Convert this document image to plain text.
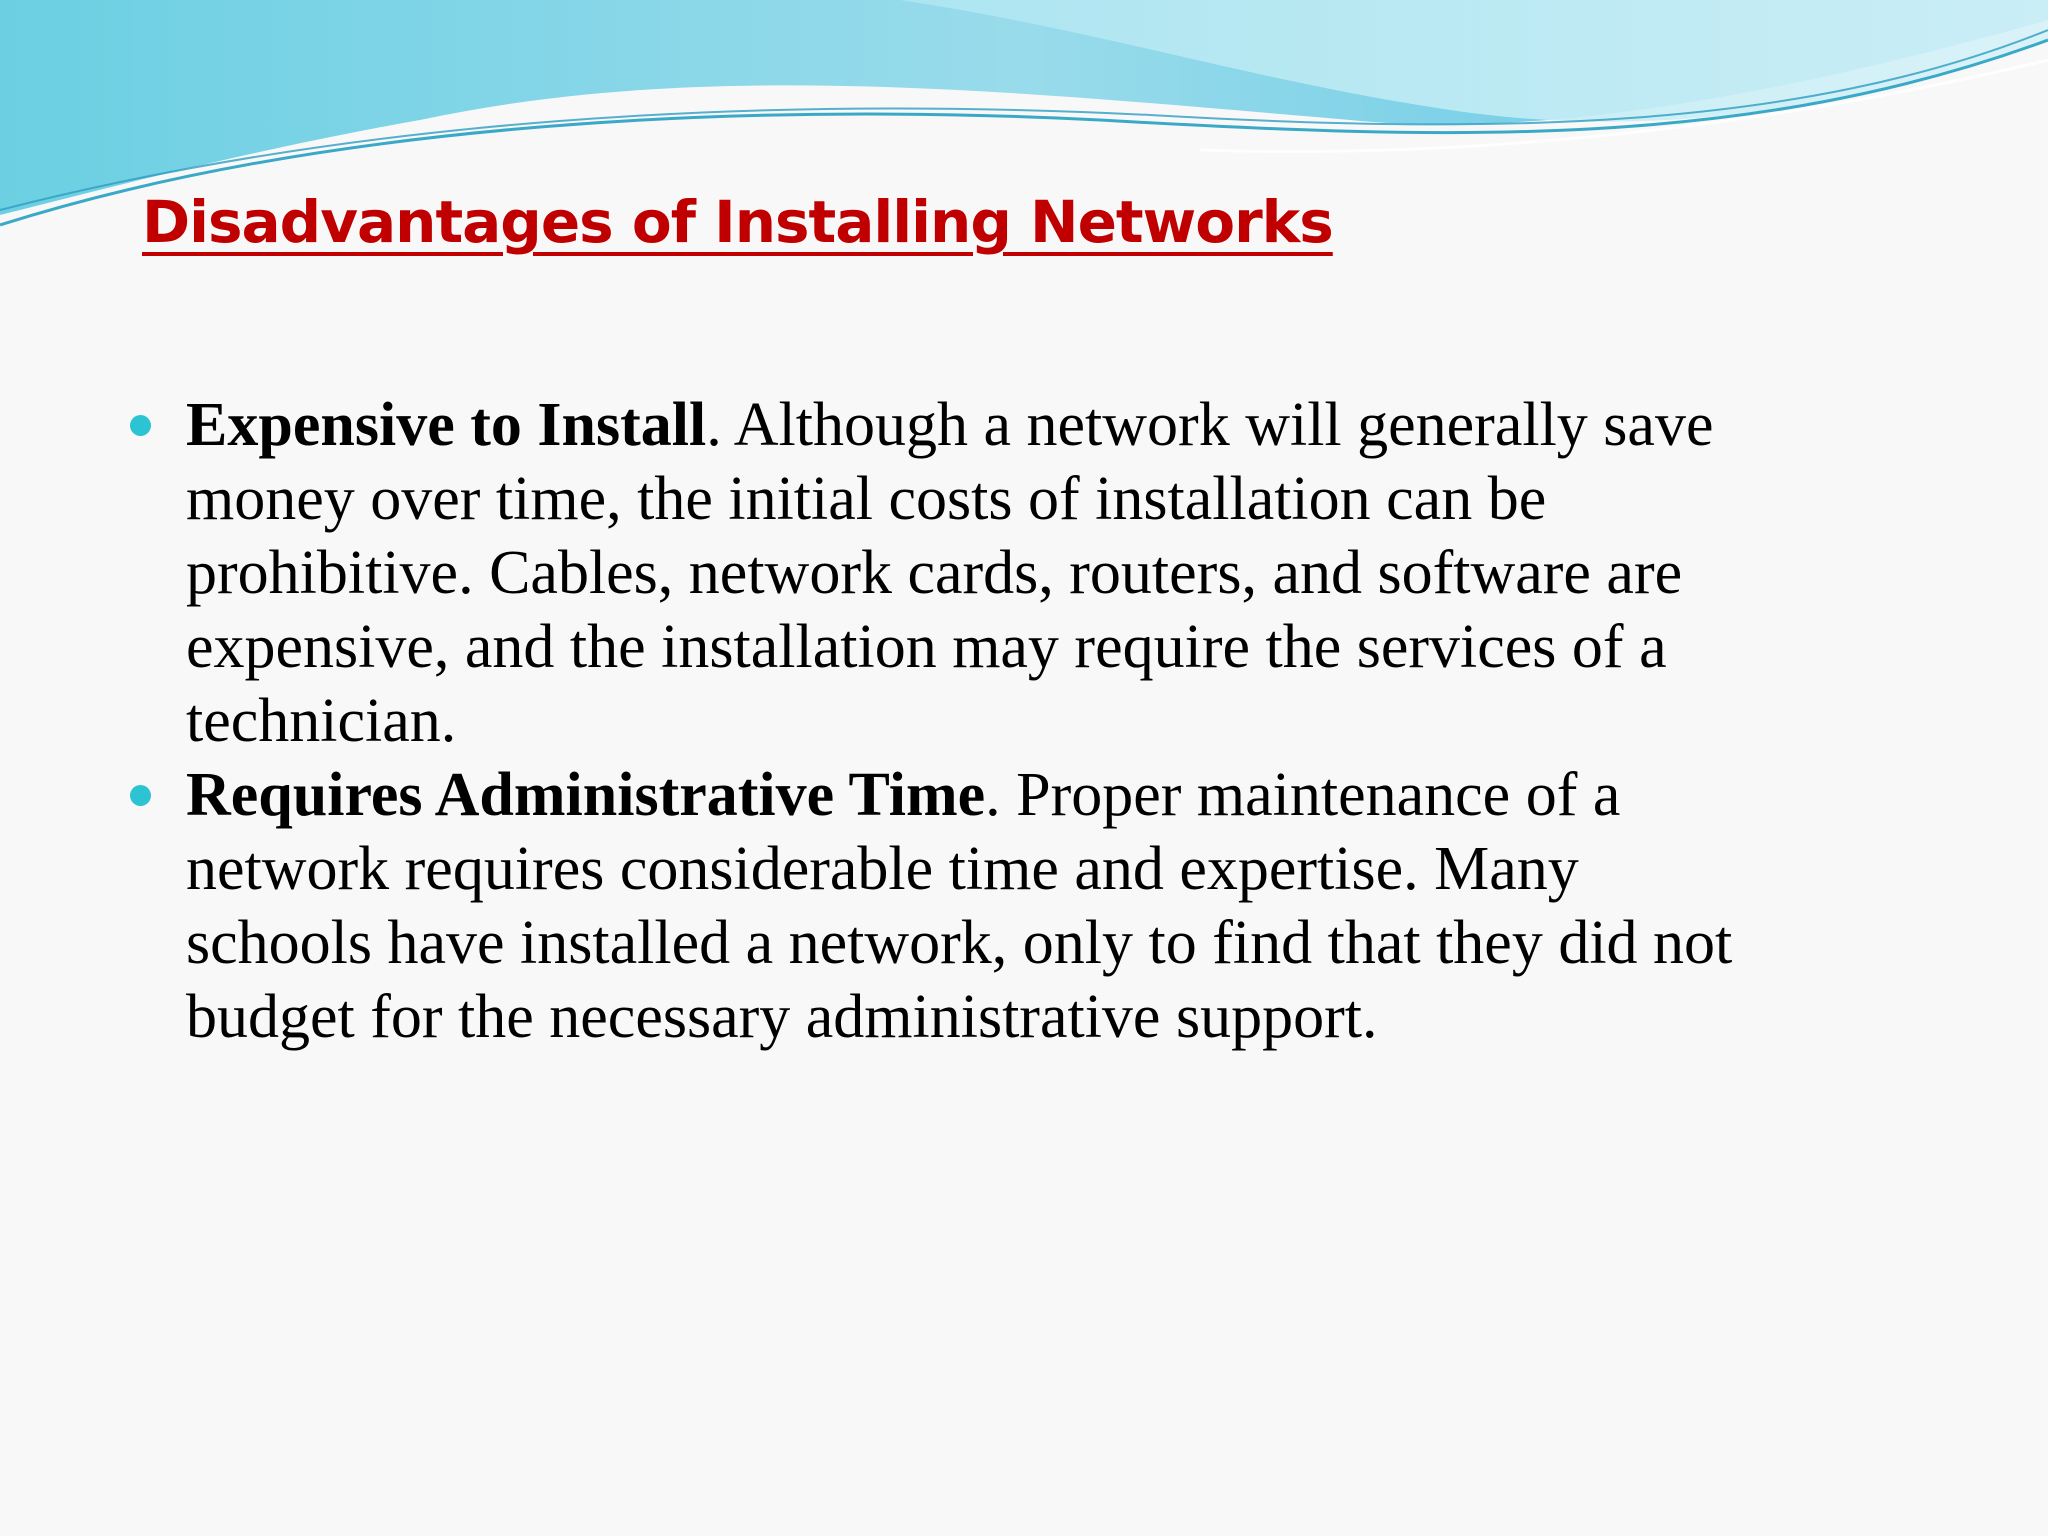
Disadvantages of Installing Networks
Expensive to Install. Although a network will generally save
money over time, the initial costs of installation can be
prohibitive. Cables, network cards, routers, and software are
expensive, and the installation may require the services of a
technician.
Requires Administrative Time. Proper maintenance of a
network requires considerable time and expertise. Many
schools have installed a network, only to find that they did not
budget for the necessary administrative support.
